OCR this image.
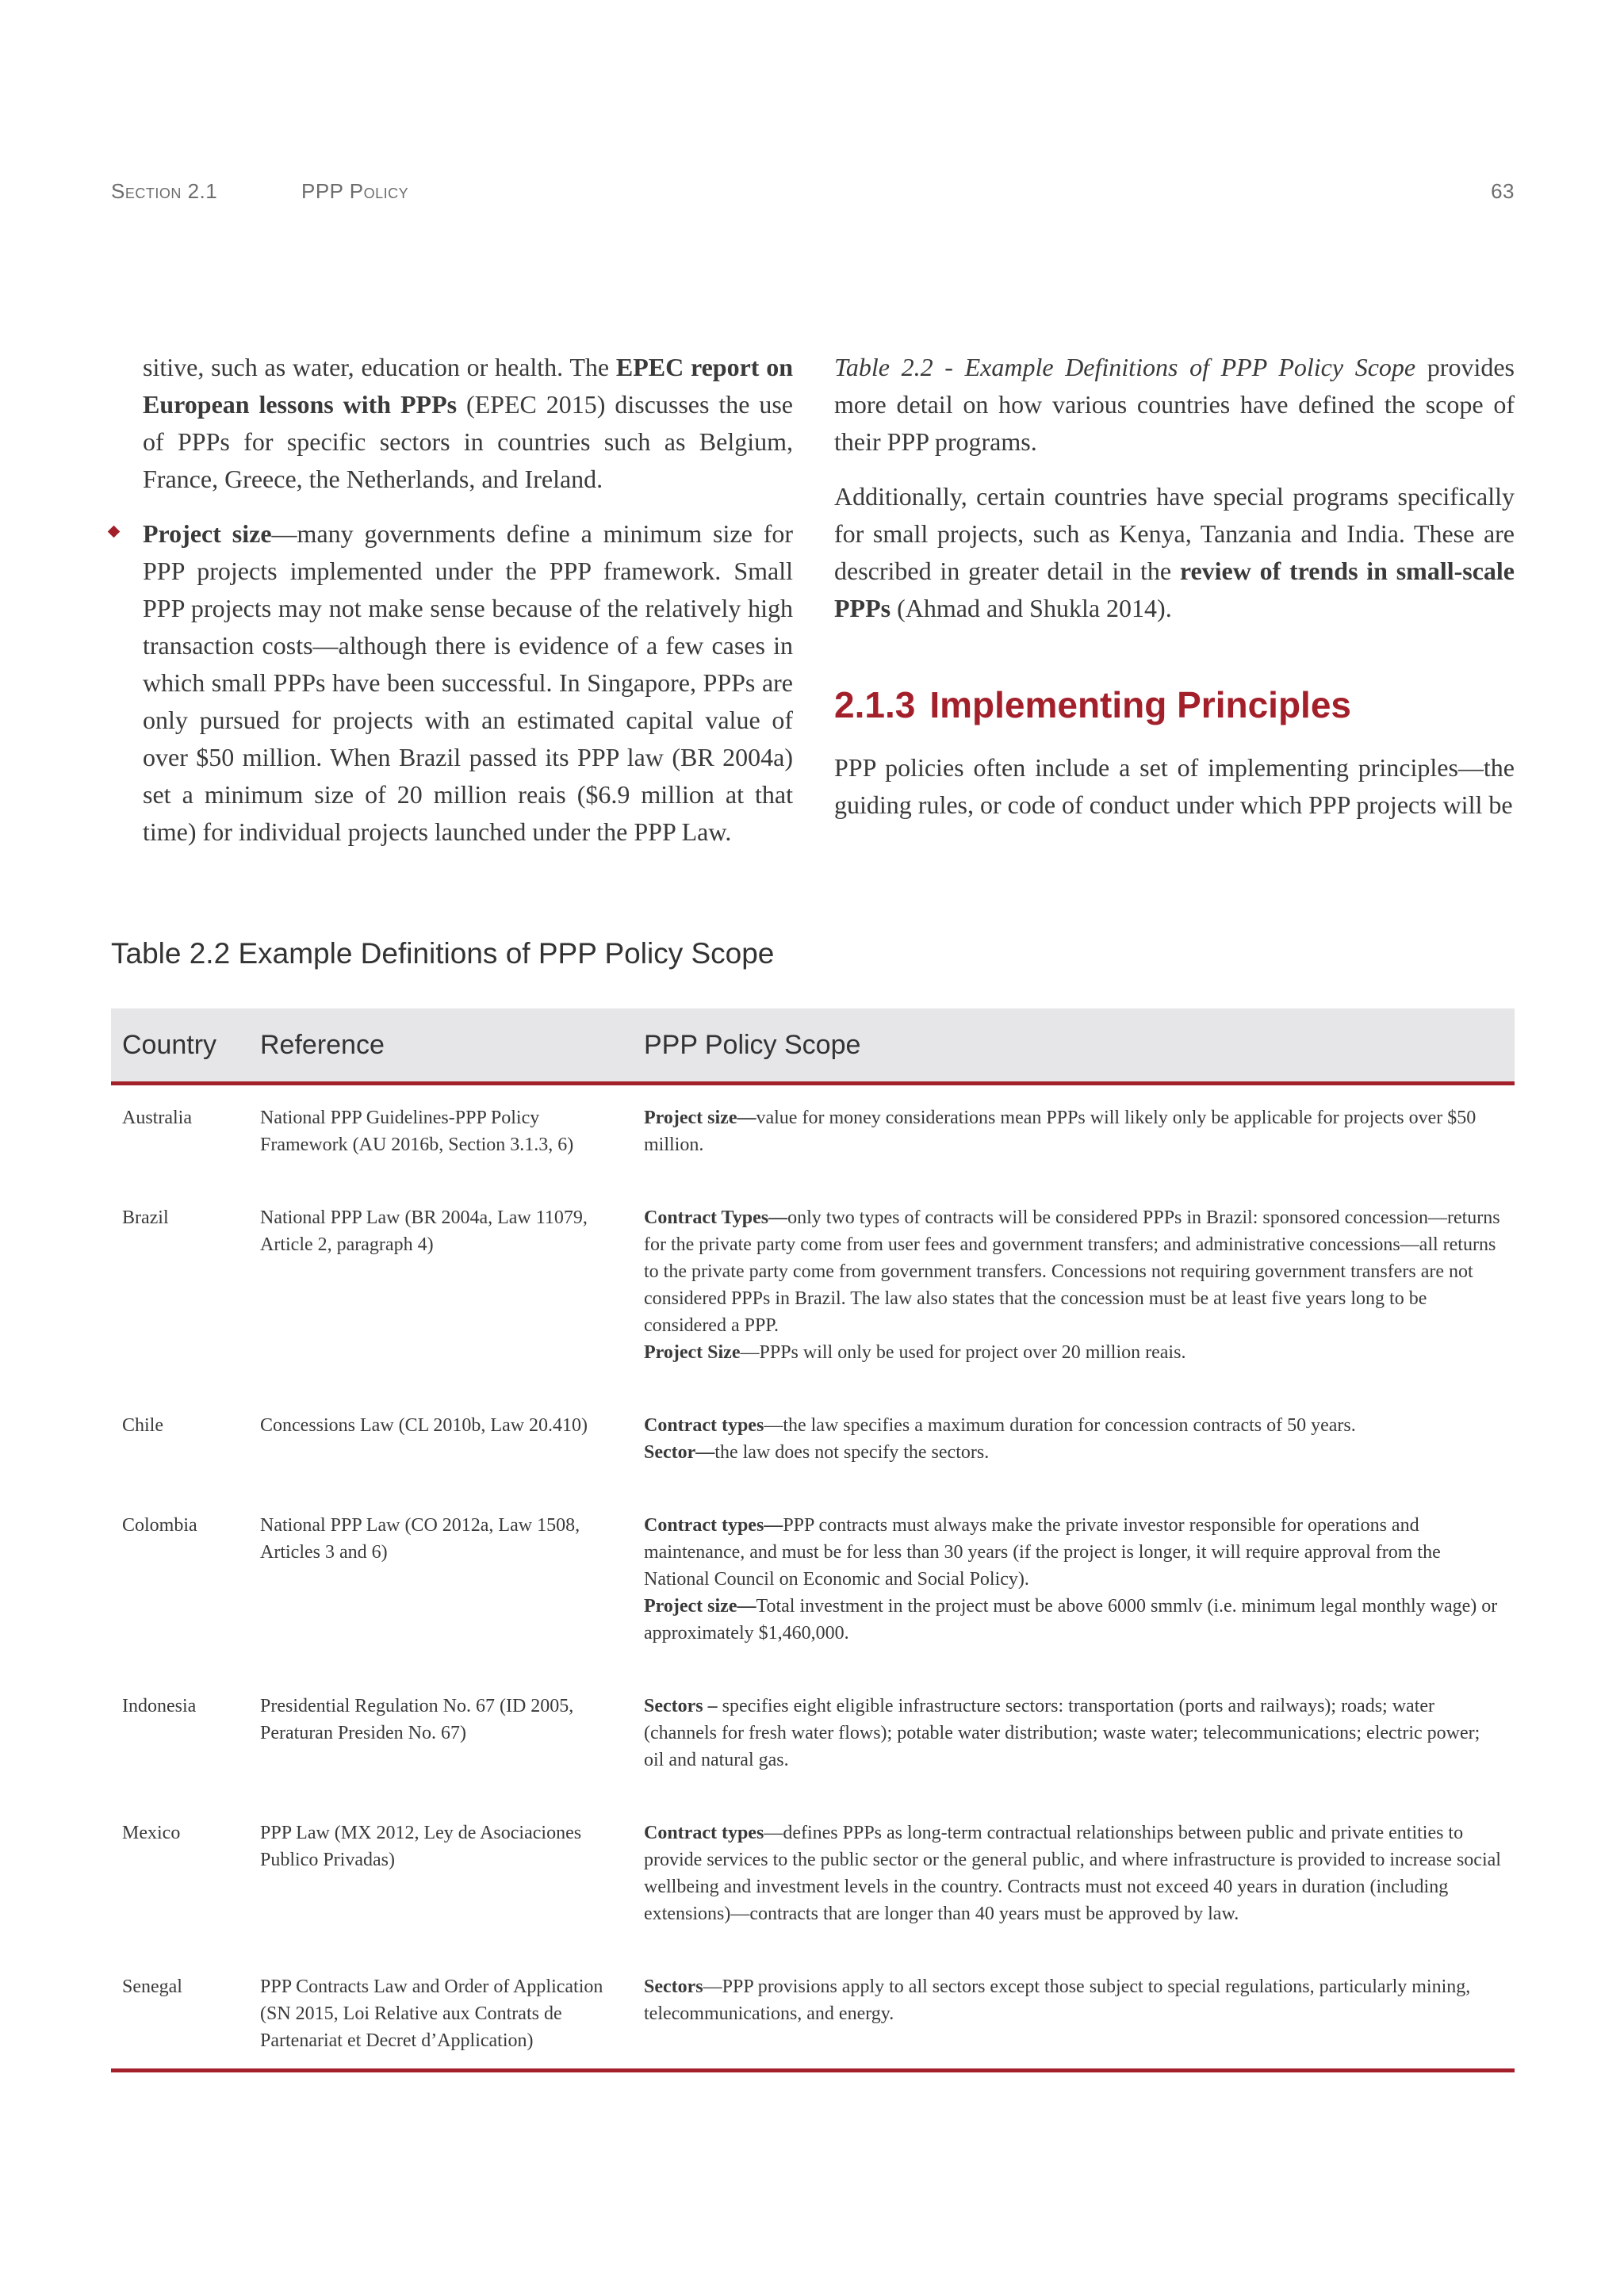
Section 2.1	PPP Policy	63

sitive, such as water, education or health. The EPEC report on European lessons with PPPs (EPEC 2015) discusses the use of PPPs for specific sectors in countries such as Belgium, France, Greece, the Netherlands, and Ireland.

Project size—many governments define a minimum size for PPP projects implemented under the PPP framework. Small PPP projects may not make sense because of the relatively high transaction costs—although there is evidence of a few cases in which small PPPs have been successful. In Singapore, PPPs are only pursued for projects with an estimated capital value of over $50 million. When Brazil passed its PPP law (BR 2004a) set a minimum size of 20 million reais ($6.9 million at that time) for individual projects launched under the PPP Law.

Table 2.2 - Example Definitions of PPP Policy Scope provides more detail on how various countries have defined the scope of their PPP programs.

Additionally, certain countries have special programs specifically for small projects, such as Kenya, Tanzania and India. These are described in greater detail in the review of trends in small-scale PPPs (Ahmad and Shukla 2014).

2.1.3 Implementing Principles

PPP policies often include a set of implementing principles—the guiding rules, or code of conduct under which PPP projects will be

Table 2.2 Example Definitions of PPP Policy Scope
Country	Reference	PPP Policy Scope
Australia	National PPP Guidelines-PPP Policy Framework (AU 2016b, Section 3.1.3, 6)	Project size—value for money considerations mean PPPs will likely only be applicable for projects over $50 million.

Brazil	National PPP Law (BR 2004a, Law 11079, Article 2, paragraph 4)	Contract Types—only two types of contracts will be considered PPPs in Brazil: sponsored concession—returns for the private party come from user fees and government transfers; and administrative concessions—all returns to the private party come from government transfers. Concessions not requiring government transfers are not considered PPPs in Brazil. The law also states that the concession must be at least five years long to be considered a PPP.
Project Size—PPPs will only be used for project over 20 million reais.

Chile	Concessions Law (CL 2010b, Law 20.410)	Contract types—the law specifies a maximum duration for concession contracts of 50 years.
Sector—the law does not specify the sectors.

Colombia	National PPP Law (CO 2012a, Law 1508, Articles 3 and 6)	Contract types—PPP contracts must always make the private investor responsible for operations and maintenance, and must be for less than 30 years (if the project is longer, it will require approval from the National Council on Economic and Social Policy).
Project size—Total investment in the project must be above 6000 smmlv (i.e. minimum legal monthly wage) or approximately $1,460,000.

Indonesia	Presidential Regulation No. 67 (ID 2005, Peraturan Presiden No. 67)	Sectors – specifies eight eligible infrastructure sectors: transportation (ports and railways); roads; water (channels for fresh water flows); potable water distribution; waste water; telecommunications; electric power; oil and natural gas.

Mexico	PPP Law (MX 2012, Ley de Asociaciones Publico Privadas)	Contract types—defines PPPs as long-term contractual relationships between public and private entities to provide services to the public sector or the general public, and where infrastructure is provided to increase social wellbeing and investment levels in the country. Contracts must not exceed 40 years in duration (including extensions)—contracts that are longer than 40 years must be approved by law.

Senegal	PPP Contracts Law and Order of Application (SN 2015, Loi Relative aux Contrats de Partenariat et Decret d’Application)	Sectors—PPP provisions apply to all sectors except those subject to special regulations, particularly mining, telecommunications, and energy.
